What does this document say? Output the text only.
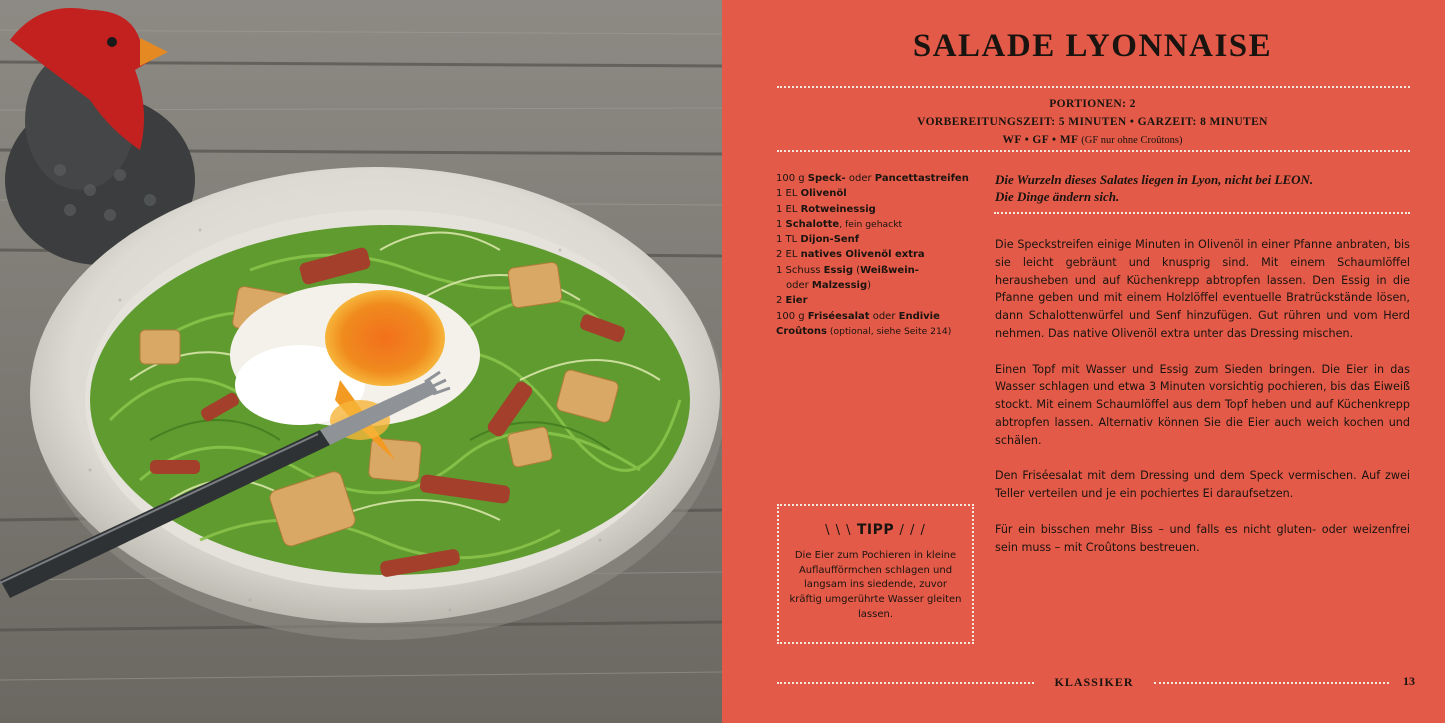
SALADE LYONNAISE
PORTIONEN: 2
VORBEREITUNGSZEIT: 5 MINUTEN • GARZEIT: 8 MINUTEN
WF • GF • MF (GF nur ohne Croûtons)
100 g Speck- oder Pancettastreifen
1 EL Olivenöl
1 EL Rotweinessig
1 Schalotte, fein gehackt
1 TL Dijon-Senf
2 EL natives Olivenöl extra
1 Schuss Essig (Weißwein-
oder Malzessig)
2 Eier
100 g Friséesalat oder Endivie
Croûtons (optional, siehe Seite 214)
\ \ \ TIPP / / /
Die Eier zum Pochieren in kleine Auflaufförmchen schlagen und langsam ins siedende, zuvor kräftig umgerührte Wasser gleiten lassen.
Die Wurzeln dieses Salates liegen in Lyon, nicht bei LEON.
Die Dinge ändern sich.

Die Speckstreifen einige Minuten in Olivenöl in einer Pfanne anbraten, bis sie leicht gebräunt und knusprig sind. Mit einem Schaumlöffel herausheben und auf Küchenkrepp abtropfen lassen. Den Essig in die Pfanne geben und mit einem Holzlöffel eventuelle Bratrückstände lösen, dann Schalottenwürfel und Senf hinzufügen. Gut rühren und vom Herd nehmen. Das native Olivenöl extra unter das Dressing mischen.

Einen Topf mit Wasser und Essig zum Sieden bringen. Die Eier in das Wasser schlagen und etwa 3 Minuten vorsichtig pochieren, bis das Eiweiß stockt. Mit einem Schaumlöffel aus dem Topf heben und auf Küchenkrepp abtropfen lassen. Alternativ können Sie die Eier auch weich kochen und schälen.

Den Friséesalat mit dem Dressing und dem Speck vermischen. Auf zwei Teller verteilen und je ein pochiertes Ei daraufsetzen.

Für ein bisschen mehr Biss – und falls es nicht gluten- oder weizenfrei sein muss – mit Croûtons bestreuen.

KLASSIKER	13
